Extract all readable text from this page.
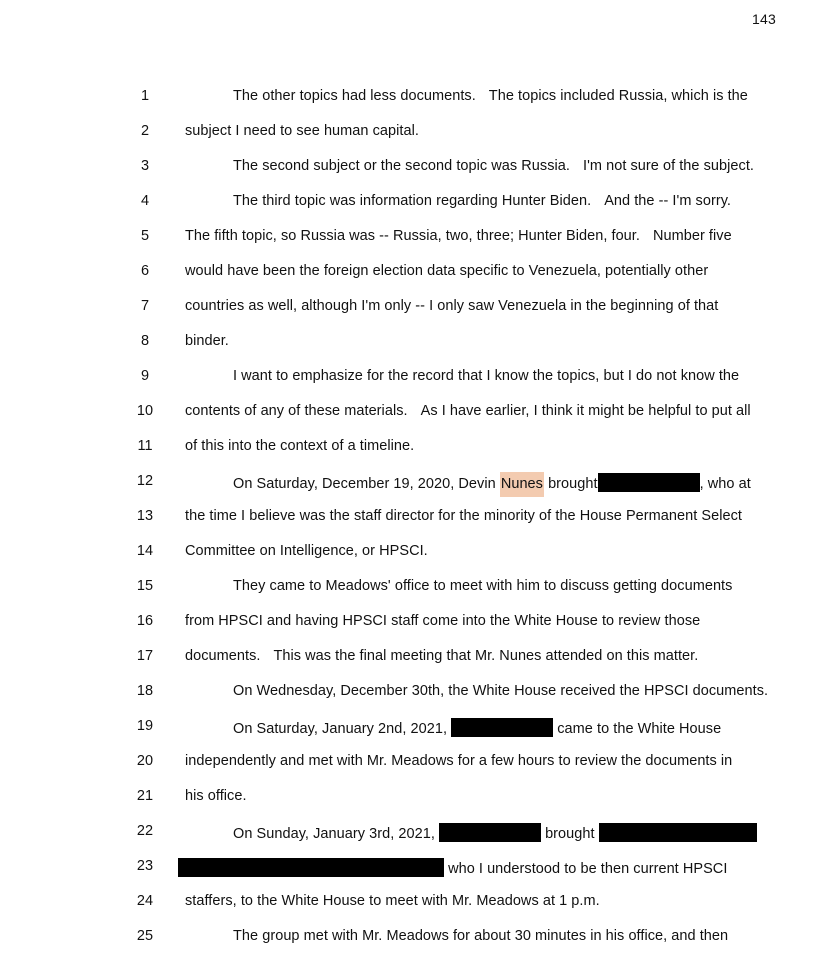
143
1	The other topics had less documents. The topics included Russia, which is the
2	subject I need to see human capital.
3	The second subject or the second topic was Russia. I'm not sure of the subject.
4	The third topic was information regarding Hunter Biden. And the -- I'm sorry.
5	The fifth topic, so Russia was -- Russia, two, three; Hunter Biden, four. Number five
6	would have been the foreign election data specific to Venezuela, potentially other
7	countries as well, although I'm only -- I only saw Venezuela in the beginning of that
8	binder.
9	I want to emphasize for the record that I know the topics, but I do not know the
10	contents of any of these materials. As I have earlier, I think it might be helpful to put all
11	of this into the context of a timeline.
12	On Saturday, December 19, 2020, Devin Nunes brought	, who at
13	the time I believe was the staff director for the minority of the House Permanent Select
14	Committee on Intelligence, or HPSCI.
15	They came to Meadows' office to meet with him to discuss getting documents
16	from HPSCI and having HPSCI staff come into the White House to review those
17	documents. This was the final meeting that Mr. Nunes attended on this matter.
18	On Wednesday, December 30th, the White House received the HPSCI documents.
19	On Saturday, January 2nd, 2021,	came to the White House
20	independently and met with Mr. Meadows for a few hours to review the documents in
21	his office.
22	On Sunday, January 3rd, 2021,	brought
23	who I understood to be then current HPSCI
24	staffers, to the White House to meet with Mr. Meadows at 1 p.m.
25	The group met with Mr. Meadows for about 30 minutes in his office, and then
